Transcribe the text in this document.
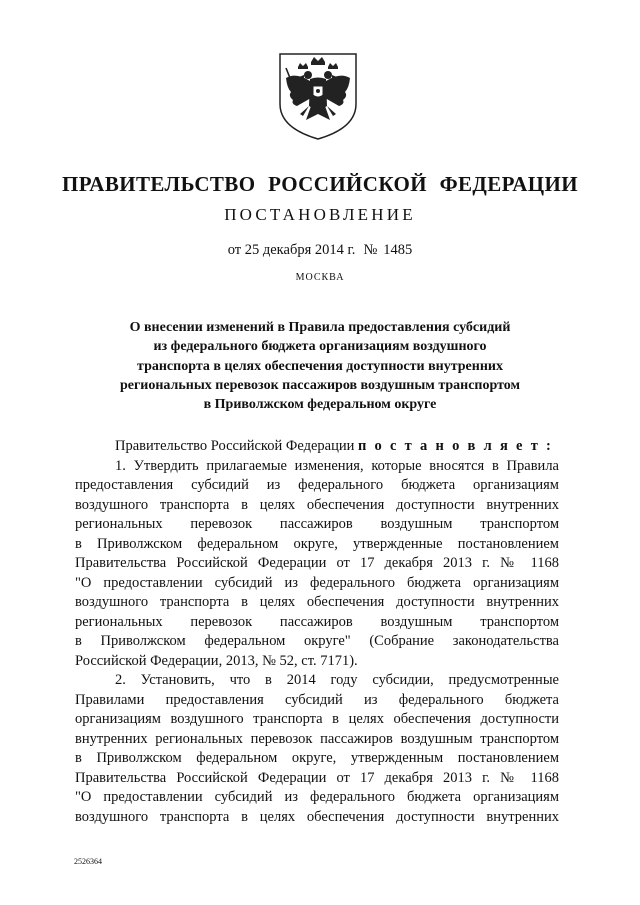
ПРАВИТЕЛЬСТВО РОССИЙСКОЙ ФЕДЕРАЦИИ
ПОСТАНОВЛЕНИЕ
от 25 декабря 2014 г. № 1485
МОСКВА
О внесении изменений в Правила предоставления субсидий
из федерального бюджета организациям воздушного
транспорта в целях обеспечения доступности внутренних
региональных перевозок пассажиров воздушным транспортом
в Приволжском федеральном округе
Правительство Российской Федерации п о с т а н о в л я е т :
1. Утвердить прилагаемые изменения, которые вносятся в Правила
предоставления субсидий из федерального бюджета организациям
воздушного транспорта в целях обеспечения доступности внутренних
региональных перевозок пассажиров воздушным транспортом
в Приволжском федеральном округе, утвержденные постановлением
Правительства Российской Федерации от 17 декабря 2013 г. № 1168
"О предоставлении субсидий из федерального бюджета организациям
воздушного транспорта в целях обеспечения доступности внутренних
региональных перевозок пассажиров воздушным транспортом
в Приволжском федеральном округе" (Собрание законодательства
Российской Федерации, 2013, № 52, ст. 7171).
2. Установить, что в 2014 году субсидии, предусмотренные
Правилами предоставления субсидий из федерального бюджета
организациям воздушного транспорта в целях обеспечения доступности
внутренних региональных перевозок пассажиров воздушным транспортом
в Приволжском федеральном округе, утвержденным постановлением
Правительства Российской Федерации от 17 декабря 2013 г. № 1168
"О предоставлении субсидий из федерального бюджета организациям
воздушного транспорта в целях обеспечения доступности внутренних
2526364
